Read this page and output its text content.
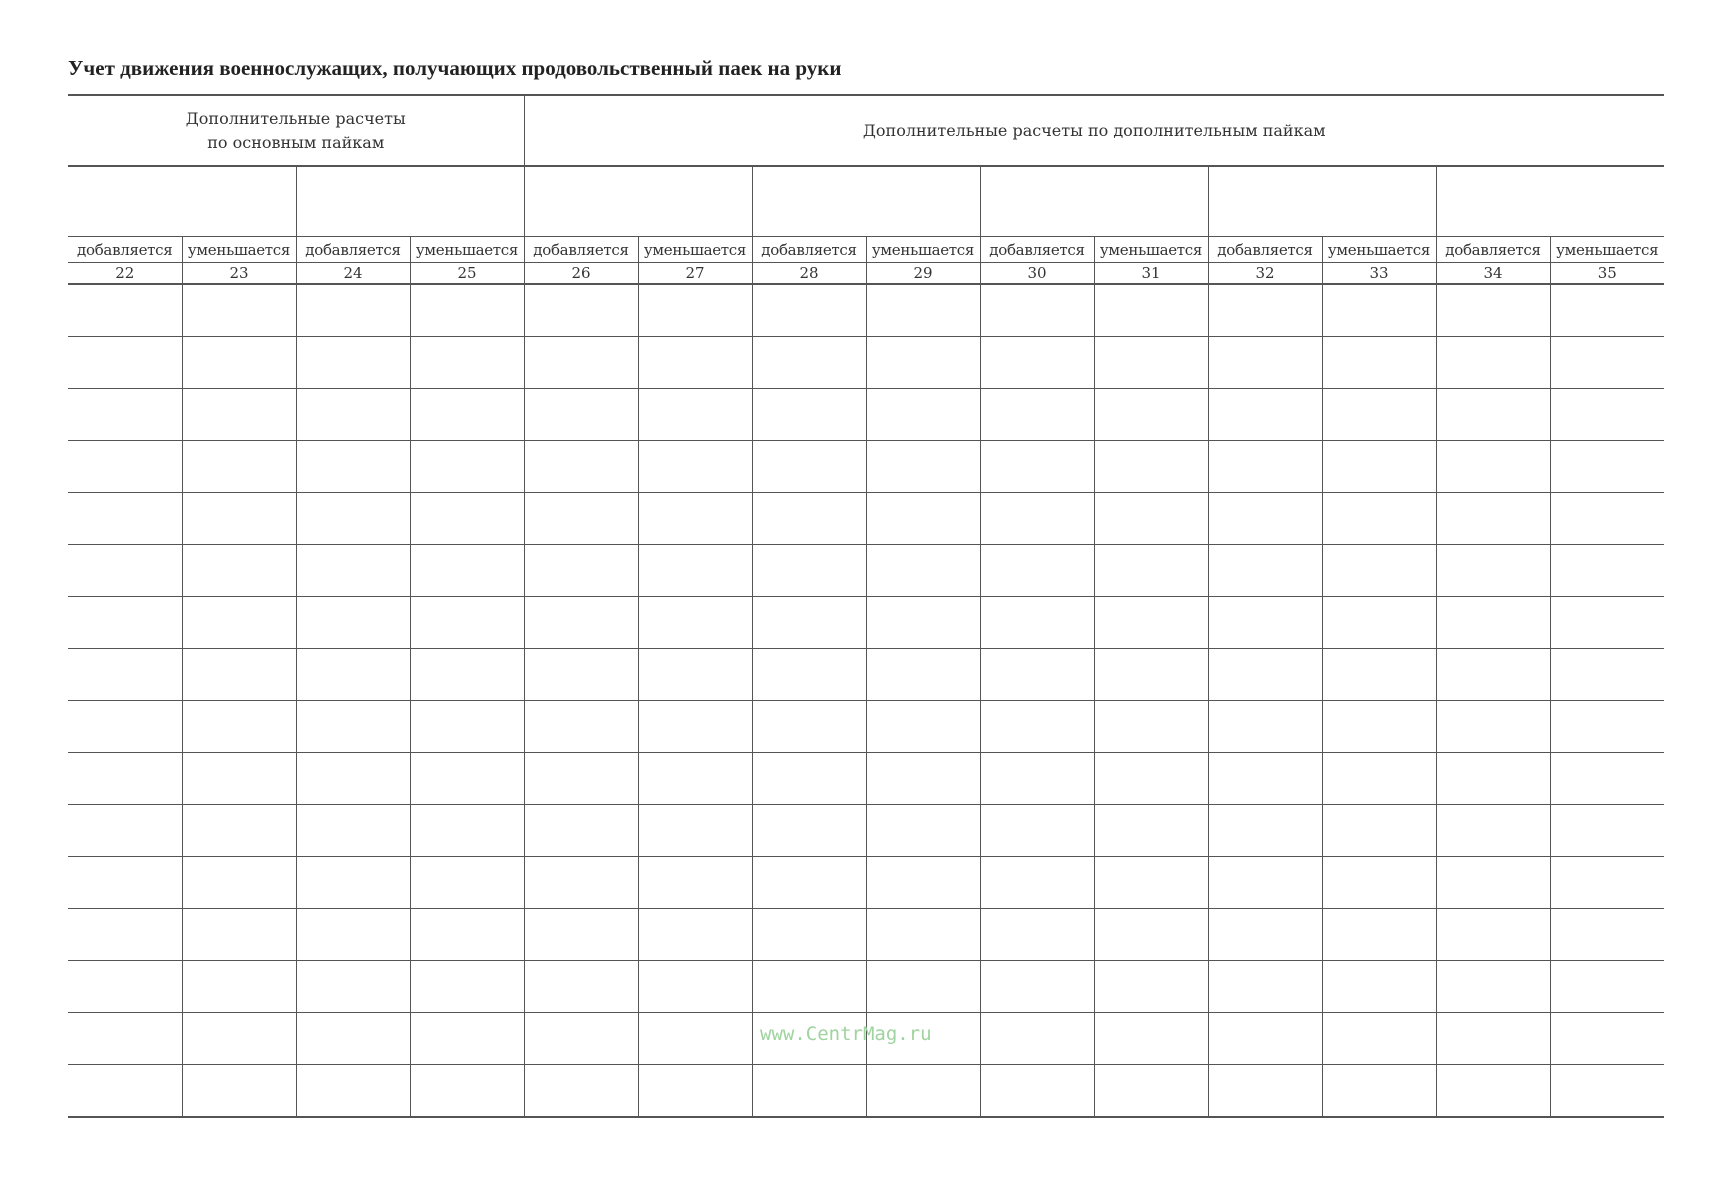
Учет движения военнослужащих, получающих продовольственный паек на руки
Дополнительные расчеты
по основным пайкам				Дополнительные расчеты по дополнительным пайкам									

добавляется	уменьшается	добавляется	уменьшается	добавляется	уменьшается	добавляется	уменьшается	добавляется	уменьшается	добавляется	уменьшается	добавляется	уменьшается
22	23	24	25	26	27	28	29	30	31	32	33	34	35

www.CentrMag.ru
